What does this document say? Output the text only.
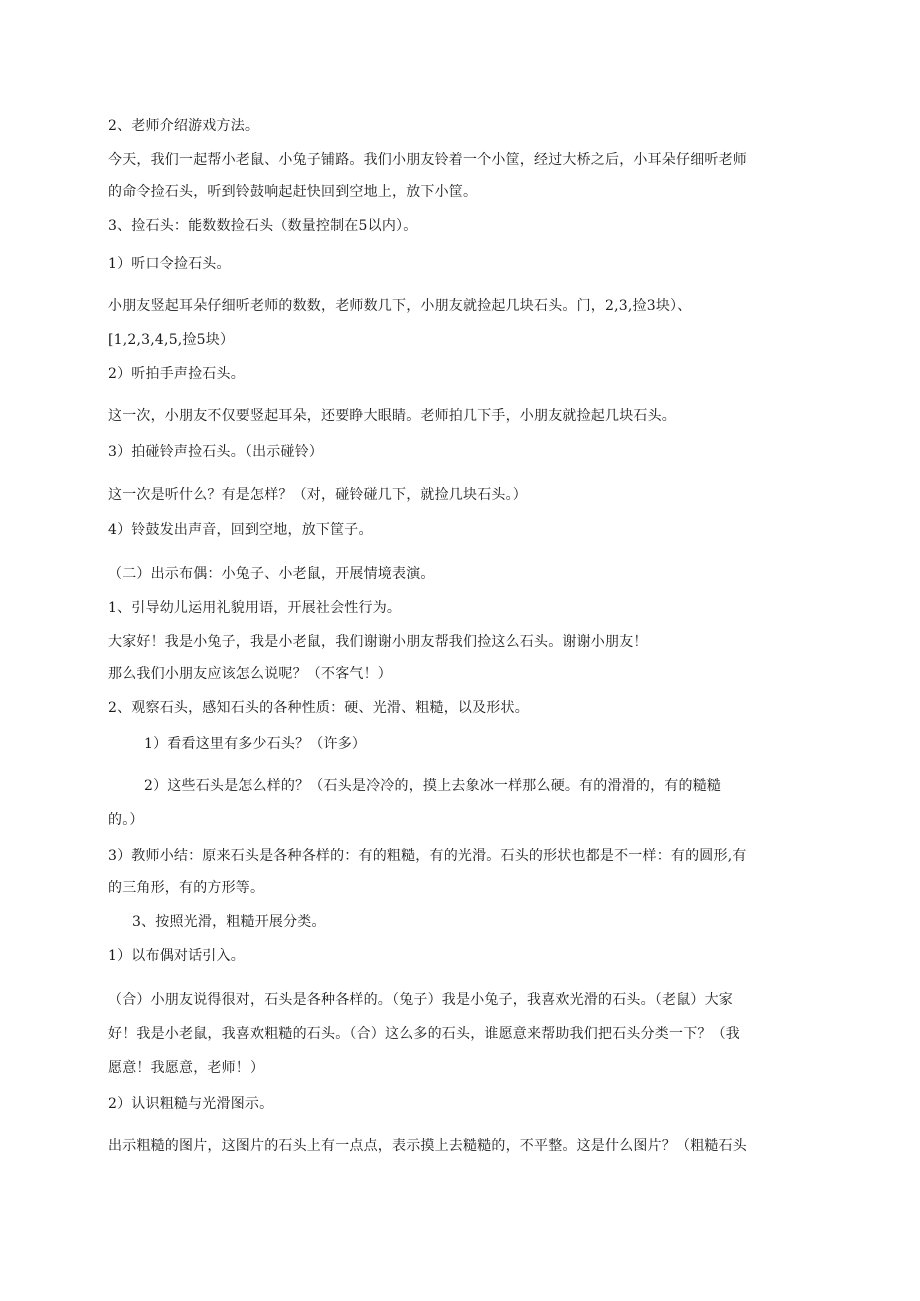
2、老师介绍游戏方法。
今天，我们一起帮小老鼠、小兔子铺路。我们小朋友铃着一个小筐，经过大桥之后，小耳朵仔细听老师
的命令捡石头，听到铃鼓响起赶快回到空地上，放下小筐。
3、捡石头：能数数捡石头（数量控制在5以内）。
1）听口令捡石头。
小朋友竖起耳朵仔细听老师的数数，老师数几下，小朋友就捡起几块石头。门，2,3,捡3块）、
[1,2,3,4,5,捡5块）
2）听拍手声捡石头。
这一次，小朋友不仅要竖起耳朵，还要睁大眼睛。老师拍几下手，小朋友就捡起几块石头。
3）拍碰铃声捡石头。（出示碰铃）
这一次是听什么？有是怎样？（对，碰铃碰几下，就捡几块石头。）
4）铃鼓发出声音，回到空地，放下筐子。
（二）出示布偶：小兔子、小老鼠，开展情境表演。
1、引导幼儿运用礼貌用语，开展社会性行为。
大家好！我是小兔子，我是小老鼠，我们谢谢小朋友帮我们捡这么石头。谢谢小朋友！
那么我们小朋友应该怎么说呢？（不客气！）
2、观察石头，感知石头的各种性质：硬、光滑、粗糙，以及形状。
1）看看这里有多少石头？（许多）
2）这些石头是怎么样的？（石头是冷冷的，摸上去象冰一样那么硬。有的滑滑的，有的糙糙
的。）
3）教师小结：原来石头是各种各样的：有的粗糙，有的光滑。石头的形状也都是不一样：有的圆形,有
的三角形，有的方形等。
3、按照光滑，粗糙开展分类。
1）以布偶对话引入。
（合）小朋友说得很对，石头是各种各样的。（兔子）我是小兔子，我喜欢光滑的石头。（老鼠）大家
好！我是小老鼠，我喜欢粗糙的石头。（合）这么多的石头，谁愿意来帮助我们把石头分类一下？（我
愿意！我愿意，老师！）
2）认识粗糙与光滑图示。
出示粗糙的图片，这图片的石头上有一点点，表示摸上去糙糙的，不平整。这是什么图片？（粗糙石头
